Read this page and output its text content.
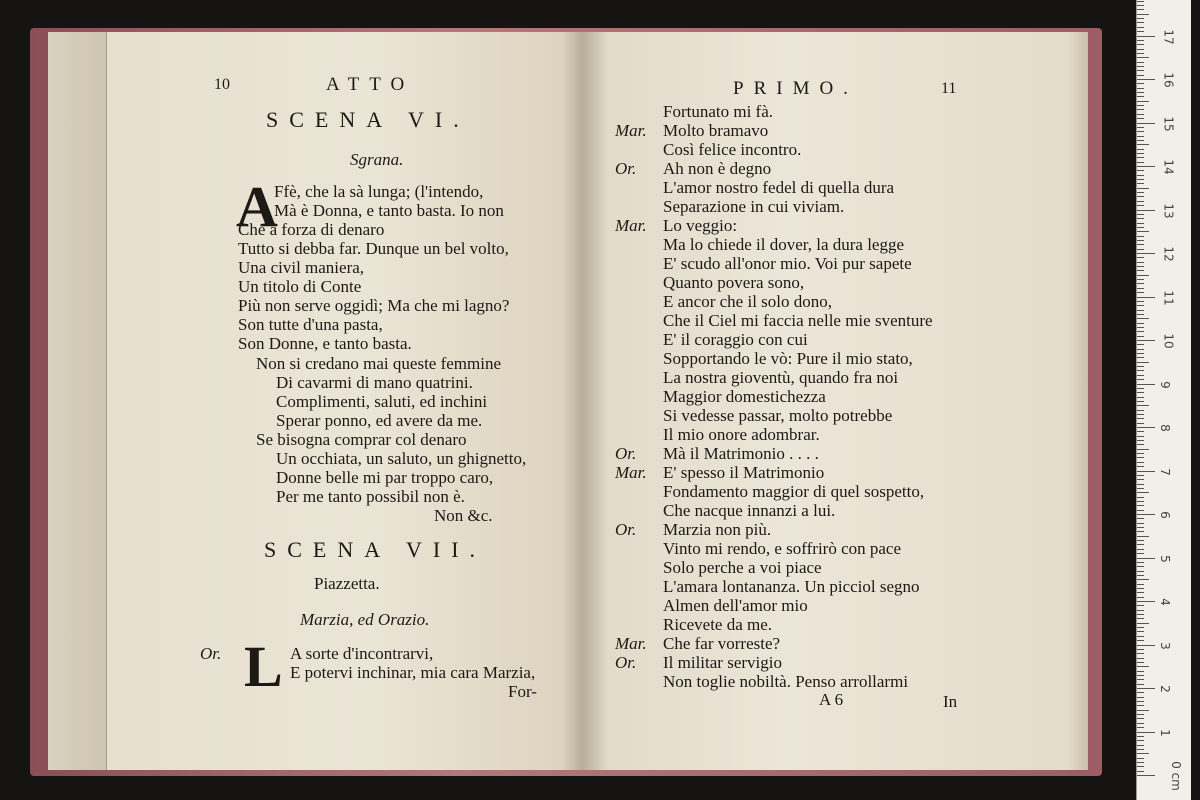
10	ATTO
SCENA VI.
Sgrana.
A
Ffè, che la sà lunga; (l'intendo,
Mà è Donna, e tanto basta. Io non
Che a forza di denaro
Tutto si debba far. Dunque un bel volto,
Una civil maniera,
Un titolo di Conte
Più non serve oggidì; Ma che mi lagno?
Son tutte d'una pasta,
Son Donne, e tanto basta.
Non si credano mai queste femmine
Di cavarmi di mano quatrini.
Complimenti, saluti, ed inchini
Sperar ponno, ed avere da me.
Se bisogna comprar col denaro
Un occhiata, un saluto, un ghignetto,
Donne belle mi par troppo caro,
Per me tanto possibil non è.
Non &c.
SCENA VII.
Piazzetta.
Marzia, ed Orazio.
Or. L A sorte d'incontrarvi,
E potervi inchinar, mia cara Marzia,
For-
PRIMO.	11
Fortunato mi fà.
Mar. Molto bramavo
Così felice incontro.
Or. Ah non è degno
L'amor nostro fedel di quella dura
Separazione in cui viviam.
Mar. Lo veggio:
Ma lo chiede il dover, la dura legge
E' scudo all'onor mio. Voi pur sapete
Quanto povera sono,
E ancor che il solo dono,
Che il Ciel mi faccia nelle mie sventure
E' il coraggio con cui
Sopportando le vò: Pure il mio stato,
La nostra gioventù, quando fra noi
Maggior domestichezza
Si vedesse passar, molto potrebbe
Il mio onore adombrar.
Or. Mà il Matrimonio . . . .
Mar. E' spesso il Matrimonio
Fondamento maggior di quel sospetto,
Che nacque innanzi a lui.
Or. Marzia non più.
Vinto mi rendo, e soffrirò con pace
Solo perche a voi piace
L'amara lontananza. Un picciol segno
Almen dell'amor mio
Ricevete da me.
Mar. Che far vorreste?
Or. Il militar servigio
Non toglie nobiltà. Penso arrollarmi
A 6	In
0 cm
1
2
3
4
5
6
7
8
9
10
11
12
13
14
15
16
17
